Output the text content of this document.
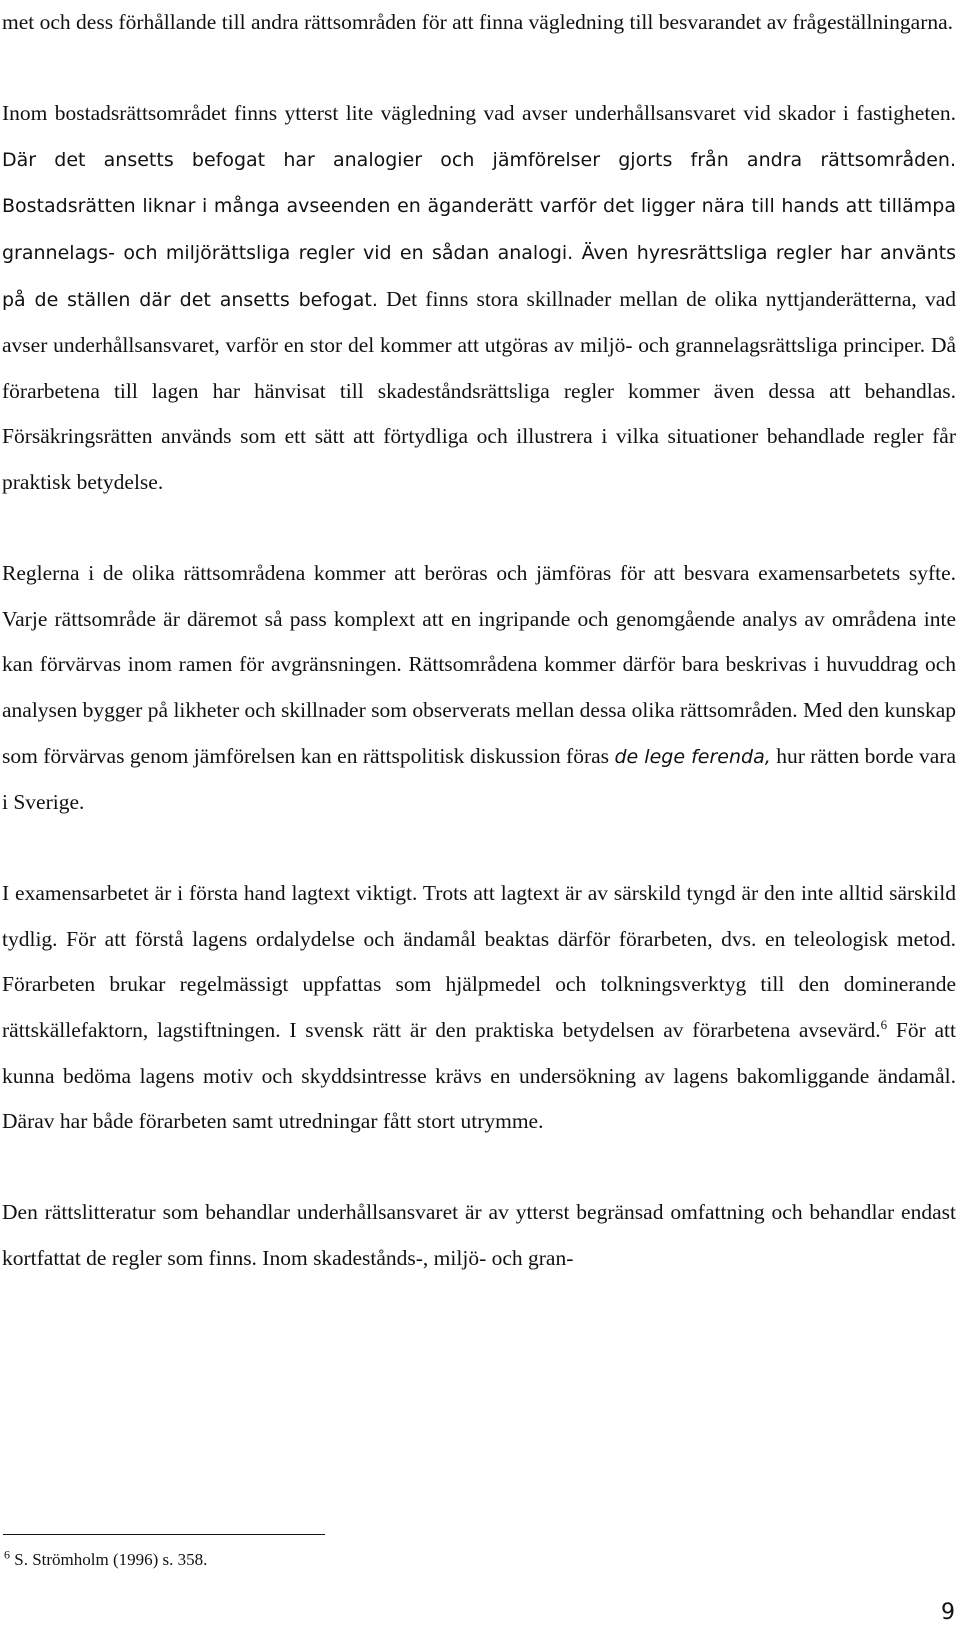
met och dess förhållande till andra rättsområden för att finna vägledning till besvarandet av frågeställningarna.

Inom bostadsrättsområdet finns ytterst lite vägledning vad avser underhållsansvaret vid skador i fastigheten. Där det ansetts befogat har analogier och jämförelser gjorts från andra rättsområden. Bostadsrätten liknar i många avseenden en äganderätt varför det ligger nära till hands att tillämpa grannelags- och miljörättsliga regler vid en sådan analogi. Även hyresrättsliga regler har använts på de ställen där det ansetts befogat. Det finns stora skillnader mellan de olika nyttjanderätterna, vad avser underhållsansvaret, varför en stor del kommer att utgöras av miljö- och grannelagsrättsliga principer. Då förarbetena till lagen har hänvisat till skadeståndsrättsliga regler kommer även dessa att behandlas. Försäkringsrätten används som ett sätt att förtydliga och illustrera i vilka situationer behandlade regler får praktisk betydelse.

Reglerna i de olika rättsområdena kommer att beröras och jämföras för att besvara examensarbetets syfte. Varje rättsområde är däremot så pass komplext att en ingripande och genomgående analys av områdena inte kan förvärvas inom ramen för avgränsningen. Rättsområdena kommer därför bara beskrivas i huvuddrag och analysen bygger på likheter och skillnader som observerats mellan dessa olika rättsområden. Med den kunskap som förvärvas genom jämförelsen kan en rättspolitisk diskussion föras de lege ferenda, hur rätten borde vara i Sverige.

I examensarbetet är i första hand lagtext viktigt. Trots att lagtext är av särskild tyngd är den inte alltid särskild tydlig. För att förstå lagens ordalydelse och ändamål beaktas därför förarbeten, dvs. en teleologisk metod. Förarbeten brukar regelmässigt uppfattas som hjälpmedel och tolkningsverktyg till den dominerande rättskällefaktorn, lagstiftningen. I svensk rätt är den praktiska betydelsen av förarbetena avsevärd.$^6$ För att kunna bedöma lagens motiv och skyddsintresse krävs en undersökning av lagens bakomliggande ändamål. Därav har både förarbeten samt utredningar fått stort utrymme.

Den rättslitteratur som behandlar underhållsansvaret är av ytterst begränsad omfattning och behandlar endast kortfattat de regler som finns. Inom skadestånds-, miljö- och gran-

$^6$ S. Strömholm (1996) s. 358.
9
